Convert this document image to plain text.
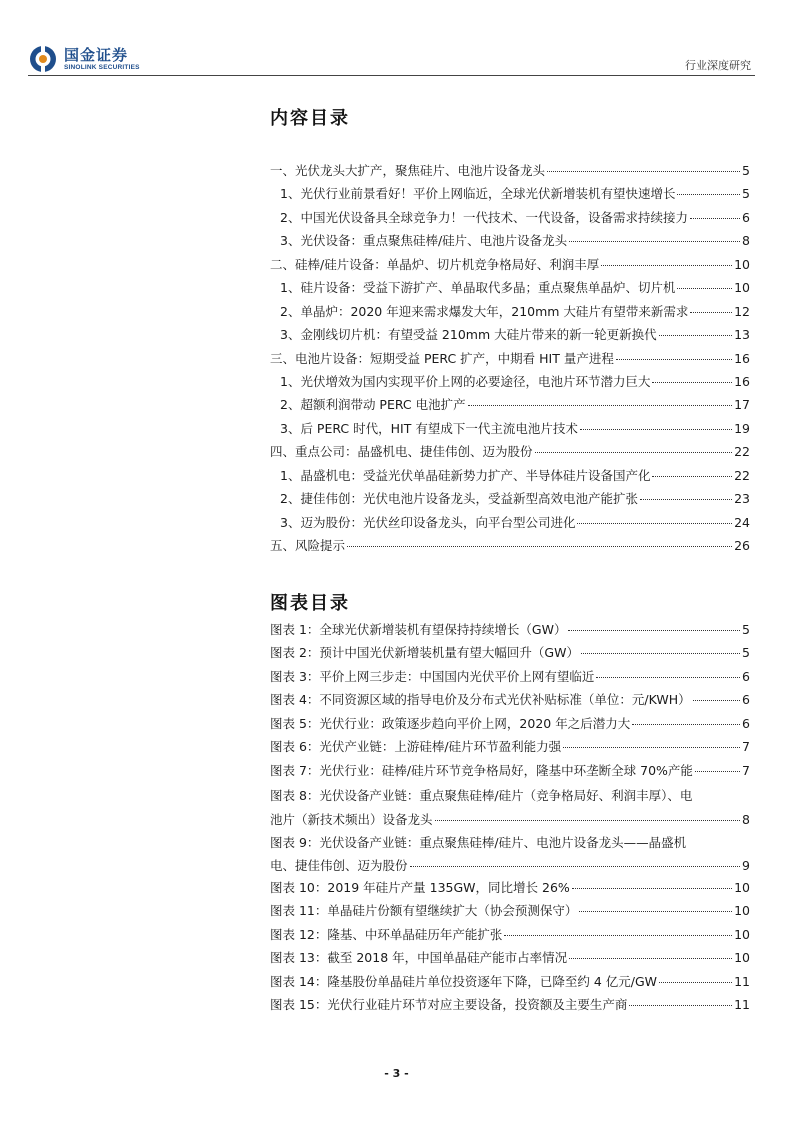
国金证券
SINOLINK SECURITIES	行业深度研究
内容目录
一、光伏龙头大扩产，聚焦硅片、电池片设备龙头	5
1、光伏行业前景看好！平价上网临近，全球光伏新增装机有望快速增长	5
2、中国光伏设备具全球竞争力！一代技术、一代设备，设备需求持续接力	6
3、光伏设备：重点聚焦硅棒/硅片、电池片设备龙头	8
二、硅棒/硅片设备：单晶炉、切片机竞争格局好、利润丰厚	10
1、硅片设备：受益下游扩产、单晶取代多晶；重点聚焦单晶炉、切片机	10
2、单晶炉：2020 年迎来需求爆发大年，210mm 大硅片有望带来新需求	12
3、金刚线切片机：有望受益 210mm 大硅片带来的新一轮更新换代	13
三、电池片设备：短期受益 PERC 扩产，中期看 HIT 量产进程	16
1、光伏增效为国内实现平价上网的必要途径，电池片环节潜力巨大	16
2、超额利润带动 PERC 电池扩产	17
3、后 PERC 时代，HIT 有望成下一代主流电池片技术	19
四、重点公司：晶盛机电、捷佳伟创、迈为股份	22
1、晶盛机电：受益光伏单晶硅新势力扩产、半导体硅片设备国产化	22
2、捷佳伟创：光伏电池片设备龙头，受益新型高效电池产能扩张	23
3、迈为股份：光伏丝印设备龙头，向平台型公司进化	24
五、风险提示	26
图表目录
图表 1：全球光伏新增装机有望保持持续增长（GW）	5
图表 2：预计中国光伏新增装机量有望大幅回升（GW）	5
图表 3：平价上网三步走：中国国内光伏平价上网有望临近	6
图表 4：不同资源区域的指导电价及分布式光伏补贴标准（单位：元/KWH）	6
图表 5：光伏行业：政策逐步趋向平价上网，2020 年之后潜力大	6
图表 6：光伏产业链：上游硅棒/硅片环节盈利能力强	7
图表 7：光伏行业：硅棒/硅片环节竞争格局好，隆基中环垄断全球 70%产能	7
图表 8：光伏设备产业链：重点聚焦硅棒/硅片（竞争格局好、利润丰厚）、电
池片（新技术频出）设备龙头	8
图表 9：光伏设备产业链：重点聚焦硅棒/硅片、电池片设备龙头——晶盛机
电、捷佳伟创、迈为股份	9
图表 10：2019 年硅片产量 135GW，同比增长 26%	10
图表 11：单晶硅片份额有望继续扩大（协会预测保守）	10
图表 12：隆基、中环单晶硅历年产能扩张	10
图表 13：截至 2018 年，中国单晶硅产能市占率情况	10
图表 14：隆基股份单晶硅片单位投资逐年下降，已降至约 4 亿元/GW	11
图表 15：光伏行业硅片环节对应主要设备，投资额及主要生产商	11
- 3 -
